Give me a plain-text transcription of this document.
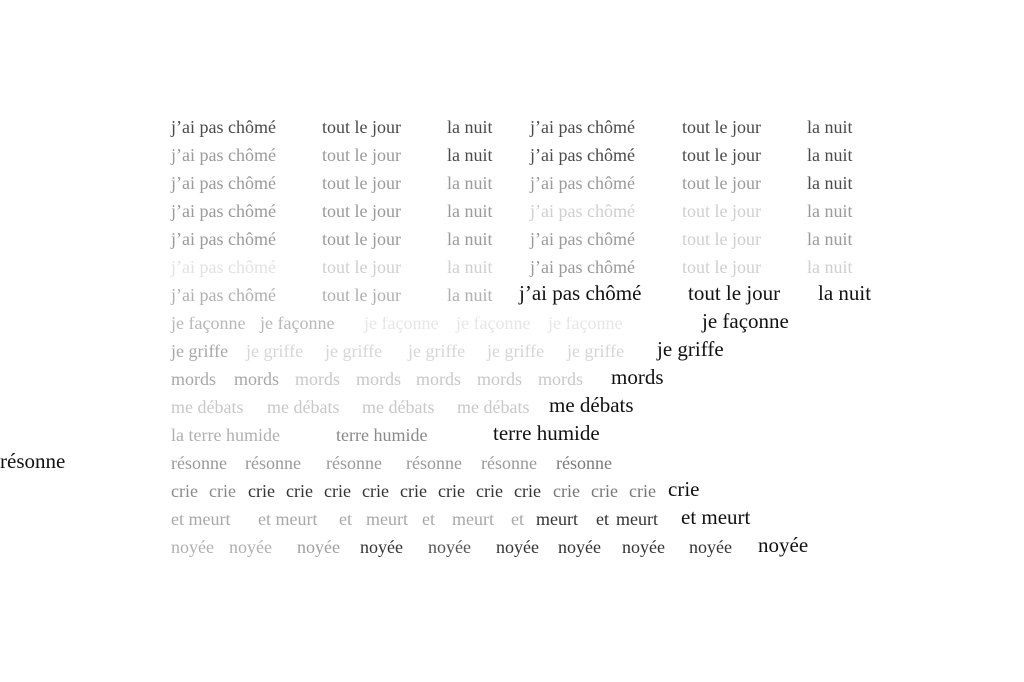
j’ai pas chômé	tout le jour	la nuit j’ai pas chômé	tout le jour	la nuit
j’ai pas chômé	tout le jour	la nuit j’ai pas chômé	tout le jour	la nuit
j’ai pas chômé	tout le jour	la nuit j’ai pas chômé	tout le jour	la nuit
j’ai pas chômé	tout le jour	la nuit j’ai pas chômé	tout le jour	la nuit
j’ai pas chômé	tout le jour	la nuit j’ai pas chômé	tout le jour	la nuit
j’ai pas chômé	tout le jour	la nuit j’ai pas chômé	tout le jour	la nuit
j’ai pas chômé	tout le jour	la nuit j’ai pas chômé tout le jour la nuit
je façonne je façonne je façonne je façonne je façonne	je façonne
je griffe je griffe je griffe je griffe je griffe je griffe je griffe
mords mords mords mords mords mords mords mords
me débats me débats me débats me débats me débats
la terre humide	terre humide	terre humide
résonne résonne résonne résonne résonne résonne
résonne
crie crie crie crie crie crie crie crie crie crie crie crie crie crie
et meurt et meurt et meurt et meurt et meurt et meurt et meurt
noyée noyée noyée noyée noyée noyée noyée noyée noyée noyée
